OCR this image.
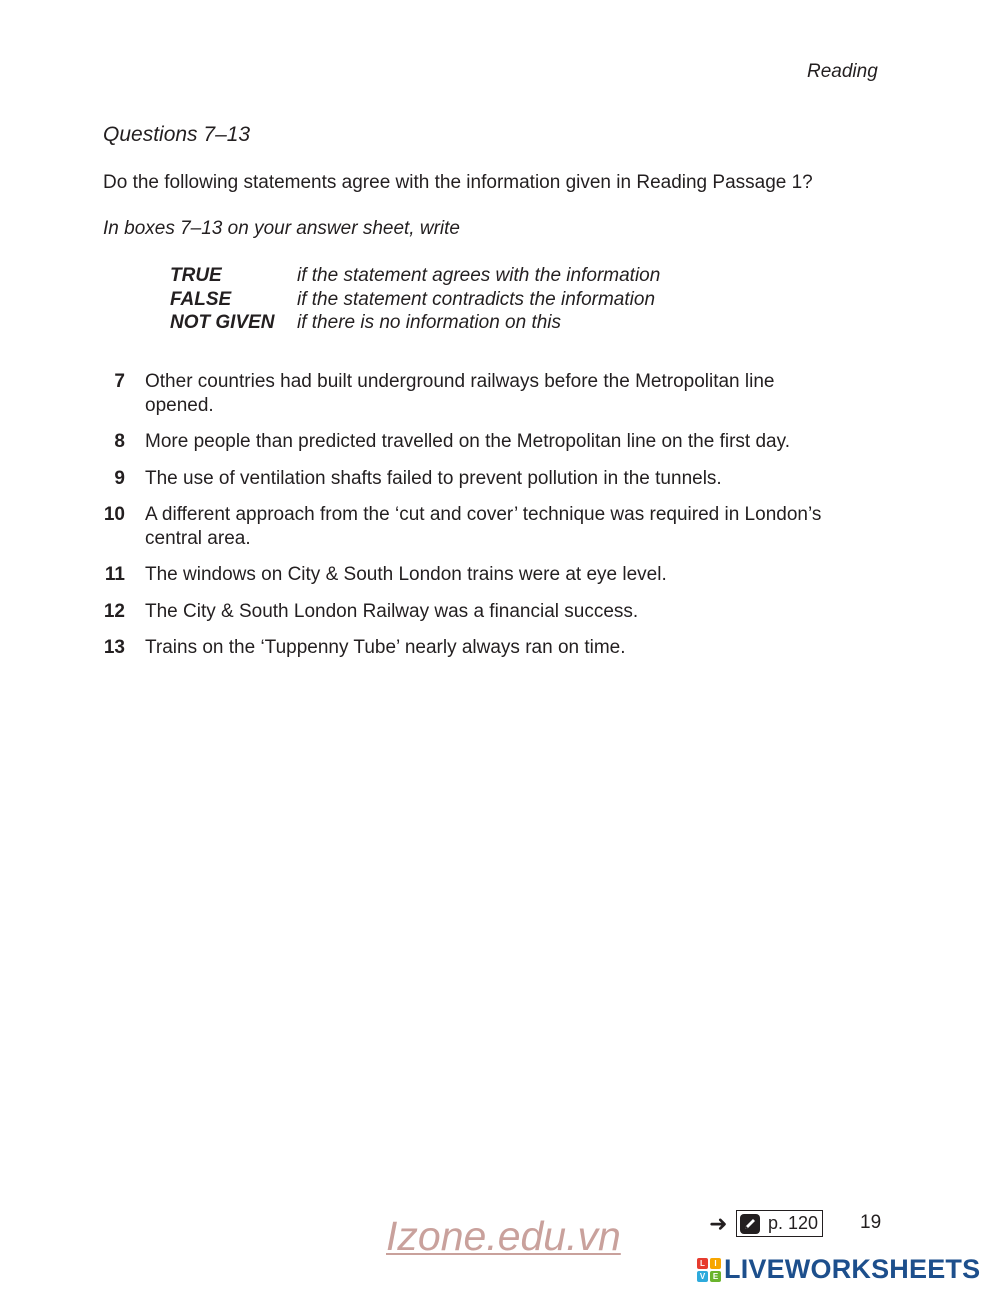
Reading
Questions 7–13
Do the following statements agree with the information given in Reading Passage 1?
In boxes 7–13 on your answer sheet, write
TRUE	if the statement agrees with the information
FALSE	if the statement contradicts the information
NOT GIVEN	if there is no information on this
7 Other countries had built underground railways before the Metropolitan line opened.
8 More people than predicted travelled on the Metropolitan line on the first day.
9 The use of ventilation shafts failed to prevent pollution in the tunnels.
10 A different approach from the ‘cut and cover’ technique was required in London’s central area.
11 The windows on City & South London trains were at eye level.
12 The City & South London Railway was a financial success.
13 Trains on the ‘Tuppenny Tube’ nearly always ran on time.
➜ p. 120 19
Izone.edu.vn
L	I
V E LIVEWORKSHEETS
